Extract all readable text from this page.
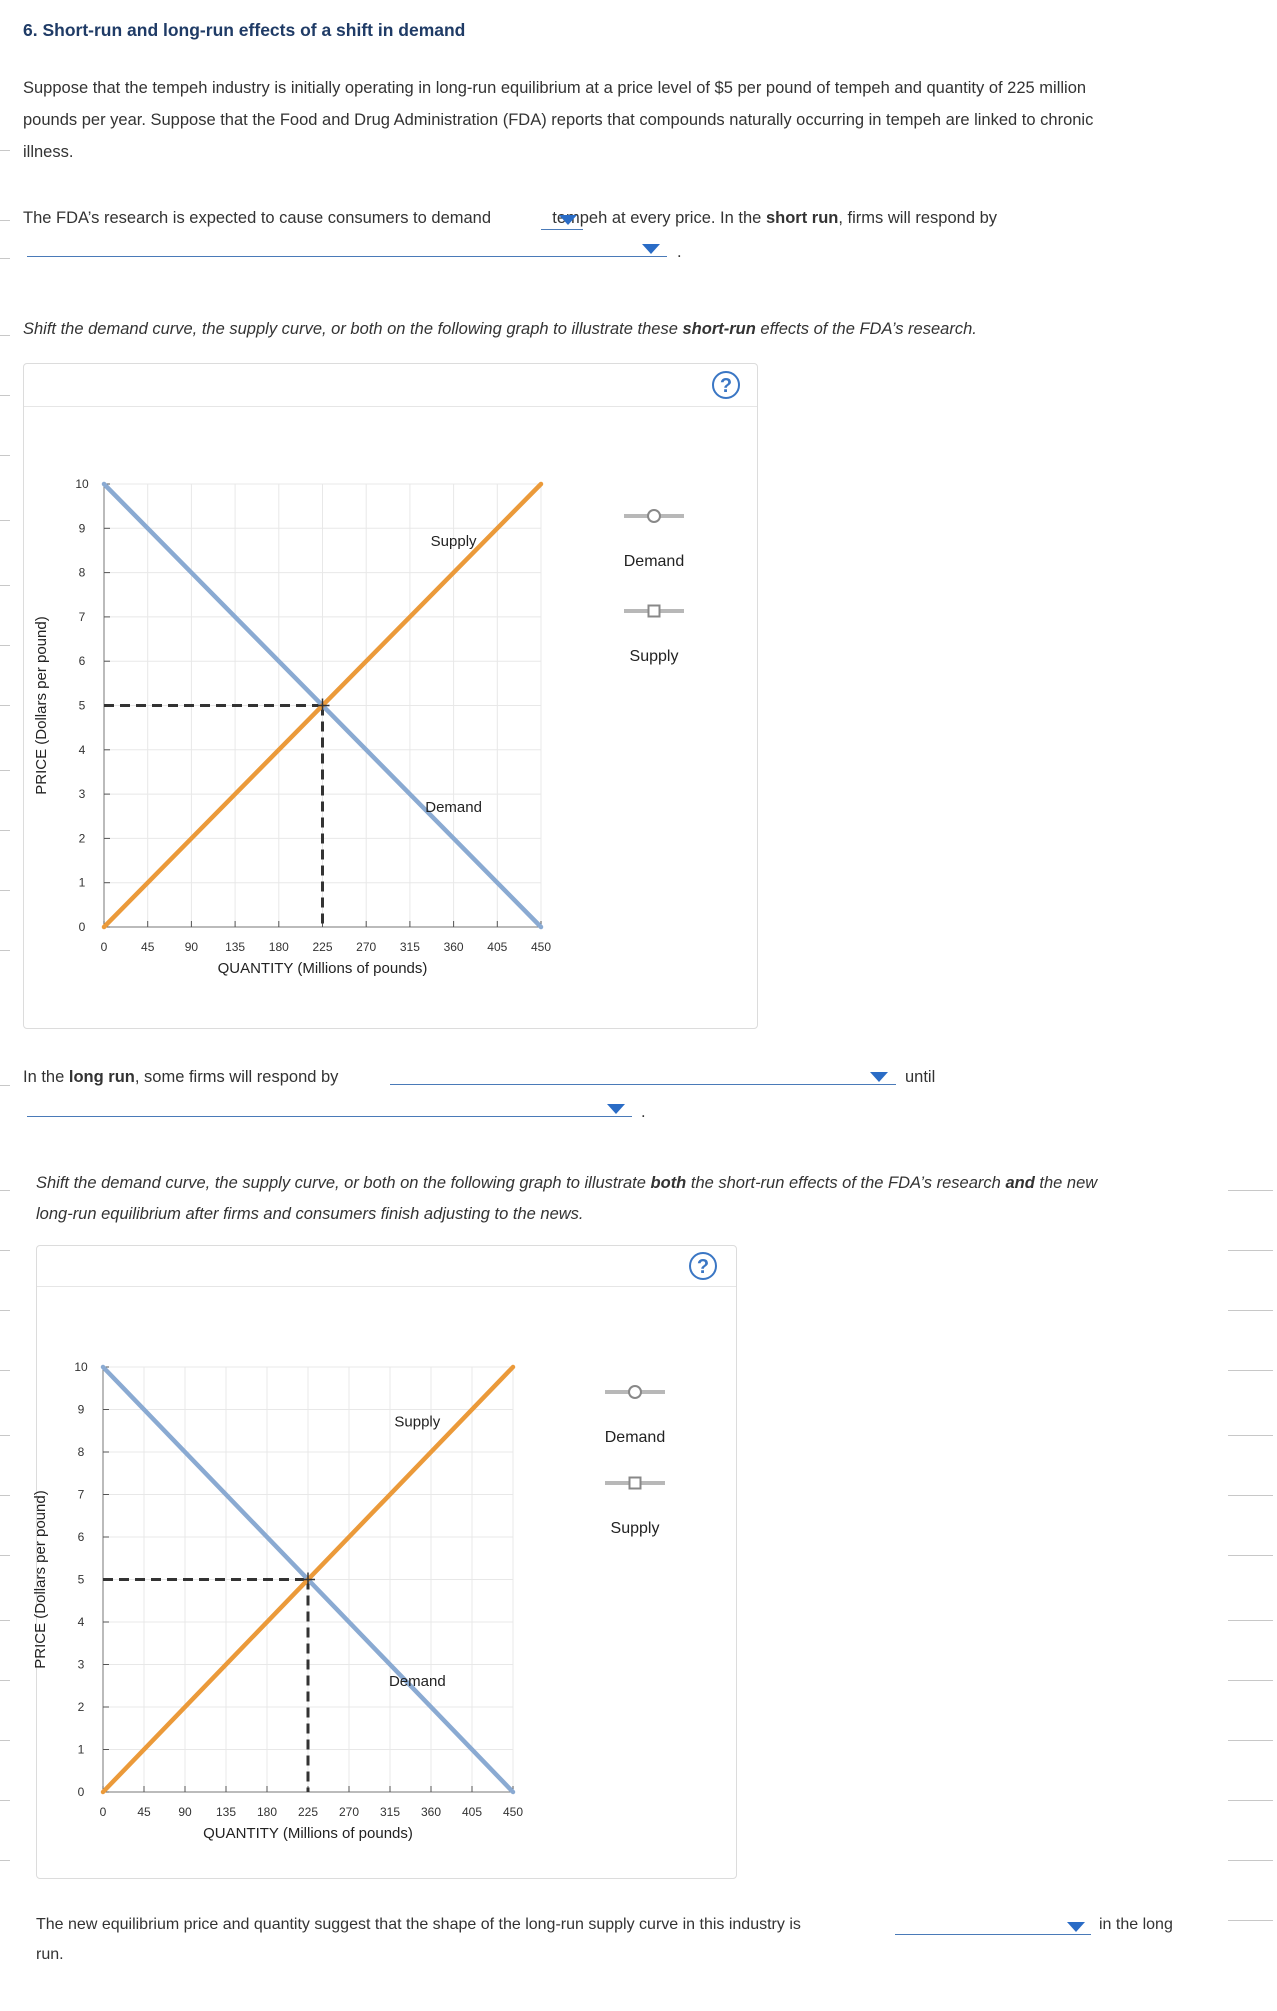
6. Short-run and long-run effects of a shift in demand
Suppose that the tempeh industry is initially operating in long-run equilibrium at a price level of $5 per pound of tempeh and quantity of 225 million
pounds per year. Suppose that the Food and Drug Administration (FDA) reports that compounds naturally occurring in tempeh are linked to chronic
illness.
The FDA’s research is expected to cause consumers to demand	tempeh at every price. In the short run, firms will respond by
.
Shift the demand curve, the supply curve, or both on the following graph to illustrate these short-run effects of the FDA’s research.
?
0
1
2
3
4
5
6
7
8
9
10
0	45	90 135 180 225 270 315 360 405 450
QUANTITY (Millions of pounds)
PRICE (Dollars per pound)
Demand
Supply
Demand
Supply
In the long run, some firms will respond by	until
.
Shift the demand curve, the supply curve, or both on the following graph to illustrate both the short-run effects of the FDA’s research and the new
long-run equilibrium after firms and consumers finish adjusting to the news.
?
0
1
2
3
4
5
6
7
8
9
10
0	45 90 135 180 225 270 315 360 405 450
QUANTITY (Millions of pounds)
PRICE (Dollars per pound)
Demand
Supply
Demand
Supply
The new equilibrium price and quantity suggest that the shape of the long-run supply curve in this industry is	in the long
run.
